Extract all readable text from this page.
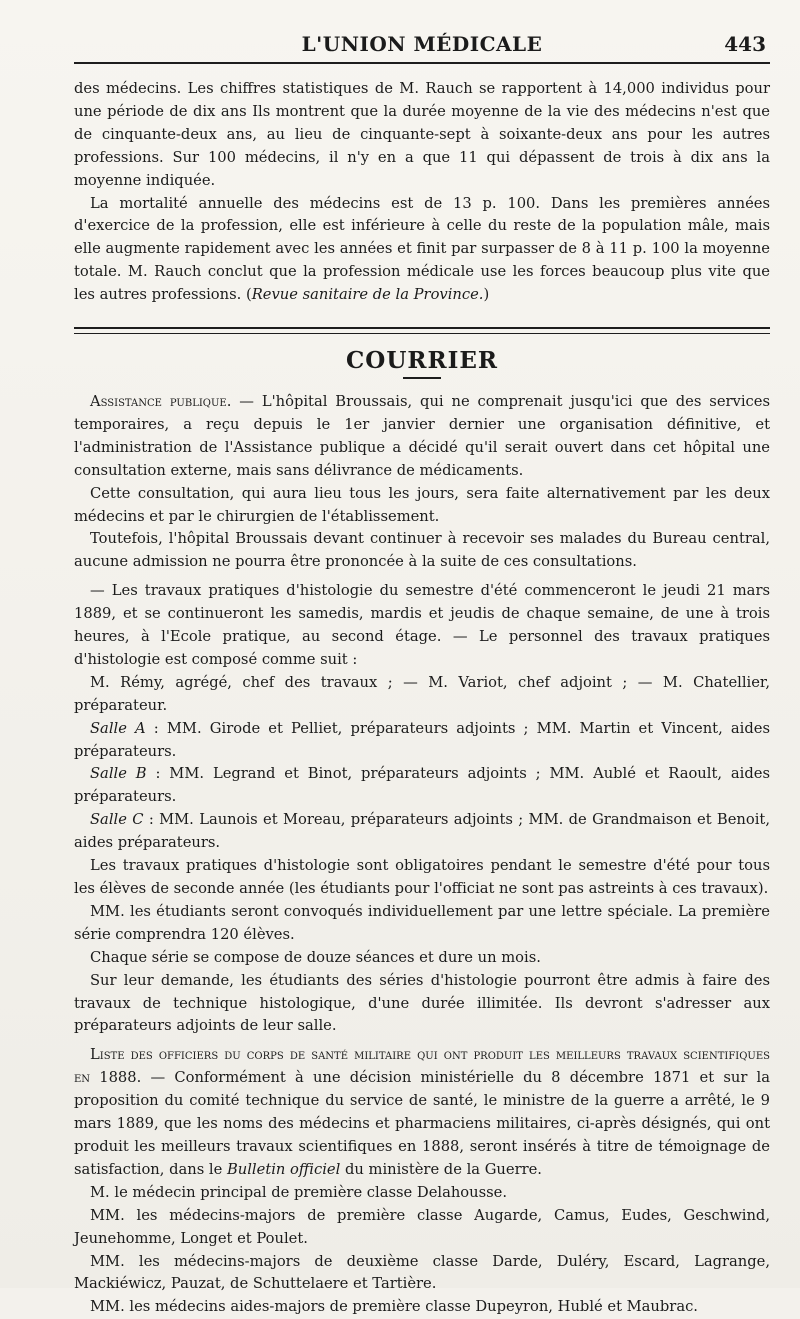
L'UNION MÉDICALE	443

des médecins. Les chiffres statistiques de M. Rauch se rapportent à 14,000 individus pour une période de dix ans Ils montrent que la durée moyenne de la vie des médecins n'est que de cinquante-deux ans, au lieu de cinquante-sept à soixante-deux ans pour les autres professions. Sur 100 médecins, il n'y en a que 11 qui dépassent de trois à dix ans la moyenne indiquée.

La mortalité annuelle des médecins est de 13 p. 100. Dans les premières années d'exercice de la profession, elle est inférieure à celle du reste de la population mâle, mais elle augmente rapidement avec les années et finit par surpasser de 8 à 11 p. 100 la moyenne totale. M. Rauch conclut que la profession médicale use les forces beaucoup plus vite que les autres professions. (Revue sanitaire de la Province.)

COURRIER

Assistance publique. — L'hôpital Broussais, qui ne comprenait jusqu'ici que des services temporaires, a reçu depuis le 1er janvier dernier une organisation définitive, et l'administration de l'Assistance publique a décidé qu'il serait ouvert dans cet hôpital une consultation externe, mais sans délivrance de médicaments.

Cette consultation, qui aura lieu tous les jours, sera faite alternativement par les deux médecins et par le chirurgien de l'établissement.

Toutefois, l'hôpital Broussais devant continuer à recevoir ses malades du Bureau central, aucune admission ne pourra être prononcée à la suite de ces consultations.

— Les travaux pratiques d'histologie du semestre d'été commenceront le jeudi 21 mars 1889, et se continueront les samedis, mardis et jeudis de chaque semaine, de une à trois heures, à l'Ecole pratique, au second étage. — Le personnel des travaux pratiques d'histologie est composé comme suit :

M. Rémy, agrégé, chef des travaux ; — M. Variot, chef adjoint ; — M. Chatellier, préparateur.

Salle A : MM. Girode et Pelliet, préparateurs adjoints ; MM. Martin et Vincent, aides préparateurs.

Salle B : MM. Legrand et Binot, préparateurs adjoints ; MM. Aublé et Raoult, aides préparateurs.

Salle C : MM. Launois et Moreau, préparateurs adjoints ; MM. de Grandmaison et Benoit, aides préparateurs.

Les travaux pratiques d'histologie sont obligatoires pendant le semestre d'été pour tous les élèves de seconde année (les étudiants pour l'officiat ne sont pas astreints à ces travaux).

MM. les étudiants seront convoqués individuellement par une lettre spéciale. La première série comprendra 120 élèves.

Chaque série se compose de douze séances et dure un mois.

Sur leur demande, les étudiants des séries d'histologie pourront être admis à faire des travaux de technique histologique, d'une durée illimitée. Ils devront s'adresser aux préparateurs adjoints de leur salle.

Liste des officiers du corps de santé militaire qui ont produit les meilleurs travaux scientifiques en 1888. — Conformément à une décision ministérielle du 8 décembre 1871 et sur la proposition du comité technique du service de santé, le ministre de la guerre a arrêté, le 9 mars 1889, que les noms des médecins et pharmaciens militaires, ci-après désignés, qui ont produit les meilleurs travaux scientifiques en 1888, seront insérés à titre de témoignage de satisfaction, dans le Bulletin officiel du ministère de la Guerre.

M. le médecin principal de première classe Delahousse.

MM. les médecins-majors de première classe Augarde, Camus, Eudes, Geschwind, Jeunehomme, Longet et Poulet.

MM. les médecins-majors de deuxième classe Darde, Duléry, Escard, Lagrange, Mackiéwicz, Pauzat, de Schuttelaere et Tartière.

MM. les médecins aides-majors de première classe Dupeyron, Hublé et Maubrac.
